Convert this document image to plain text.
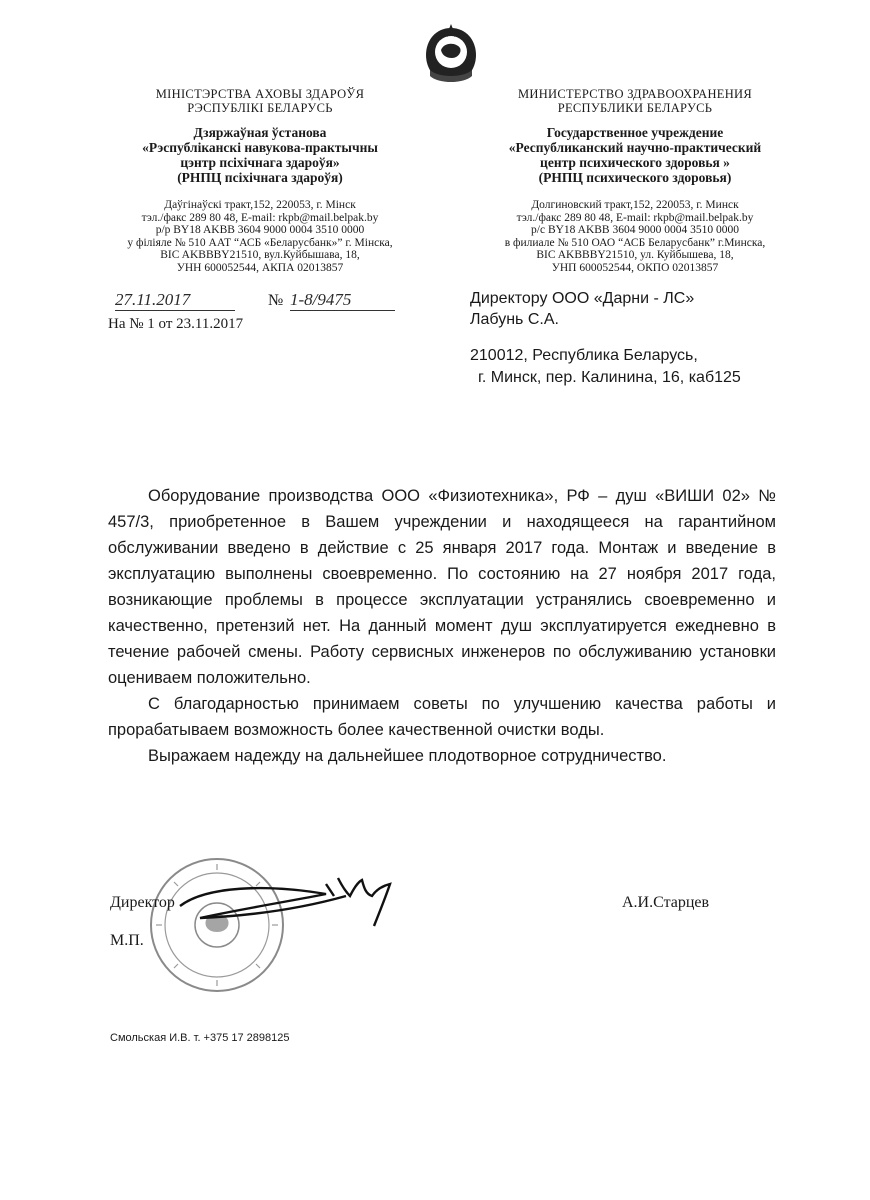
МІНІСТЭРСТВА АХОВЫ ЗДАРОЎЯ
РЭСПУБЛІКІ БЕЛАРУСЬ
Дзяржаўная ўстанова
«Рэспубліканскі навукова-практычны
цэнтр псіхічнага здароўя»
(РНПЦ псіхічнага здароўя)
Даўгінаўскі тракт,152, 220053, г. Мінск
тэл./факс 289 80 48, E-mail: rkpb@mail.belpak.by
р/р BY18 AKBB 3604 9000 0004 3510 0000
у філіяле № 510 ААТ “АСБ «Беларусбанк»” г. Мінска,
BIC AKBBBY21510, вул.Куйбышава, 18,
УНН 600052544, АКПА 02013857
МИНИСТЕРСТВО ЗДРАВООХРАНЕНИЯ
РЕСПУБЛИКИ БЕЛАРУСЬ
Государственное учреждение
«Республиканский научно-практический
центр психического здоровья »
(РНПЦ психического здоровья)
Долгиновский тракт,152, 220053, г. Минск
тэл./факс 289 80 48, E-mail: rkpb@mail.belpak.by
р/с BY18 AKBB 3604 9000 0004 3510 0000
в филиале № 510 ОАО “АСБ Беларусбанк” г.Минска,
BIC AKBBBY21510, ул. Куйбышева, 18,
УНП 600052544, ОКПО 02013857
27.11.2017	№ 1-8/9475
На № 1 от 23.11.2017
Директору ООО «Дарни - ЛС»
Лабунь С.А.
210012, Республика Беларусь,
г. Минск, пер. Калинина, 16, каб125

Оборудование производства ООО «Физиотехника», РФ – душ «ВИШИ 02» № 457/3, приобретенное в Вашем учреждении и находящееся на гарантийном обслуживании введено в действие с 25 января 2017 года. Монтаж и введение в эксплуатацию выполнены своевременно. По состоянию на 27 ноября 2017 года, возникающие проблемы в процессе эксплуатации устранялись своевременно и качественно, претензий нет. На данный момент душ эксплуатируется ежедневно в течение рабочей смены. Работу сервисных инженеров по обслуживанию установки оцениваем положительно.

С благодарностью принимаем советы по улучшению качества работы и прорабатываем возможность более качественной очистки воды.

Выражаем надежду на дальнейшее плодотворное сотрудничество.

Директор
М.П.
А.И.Старцев
Смольская И.В. т. +375 17 2898125
